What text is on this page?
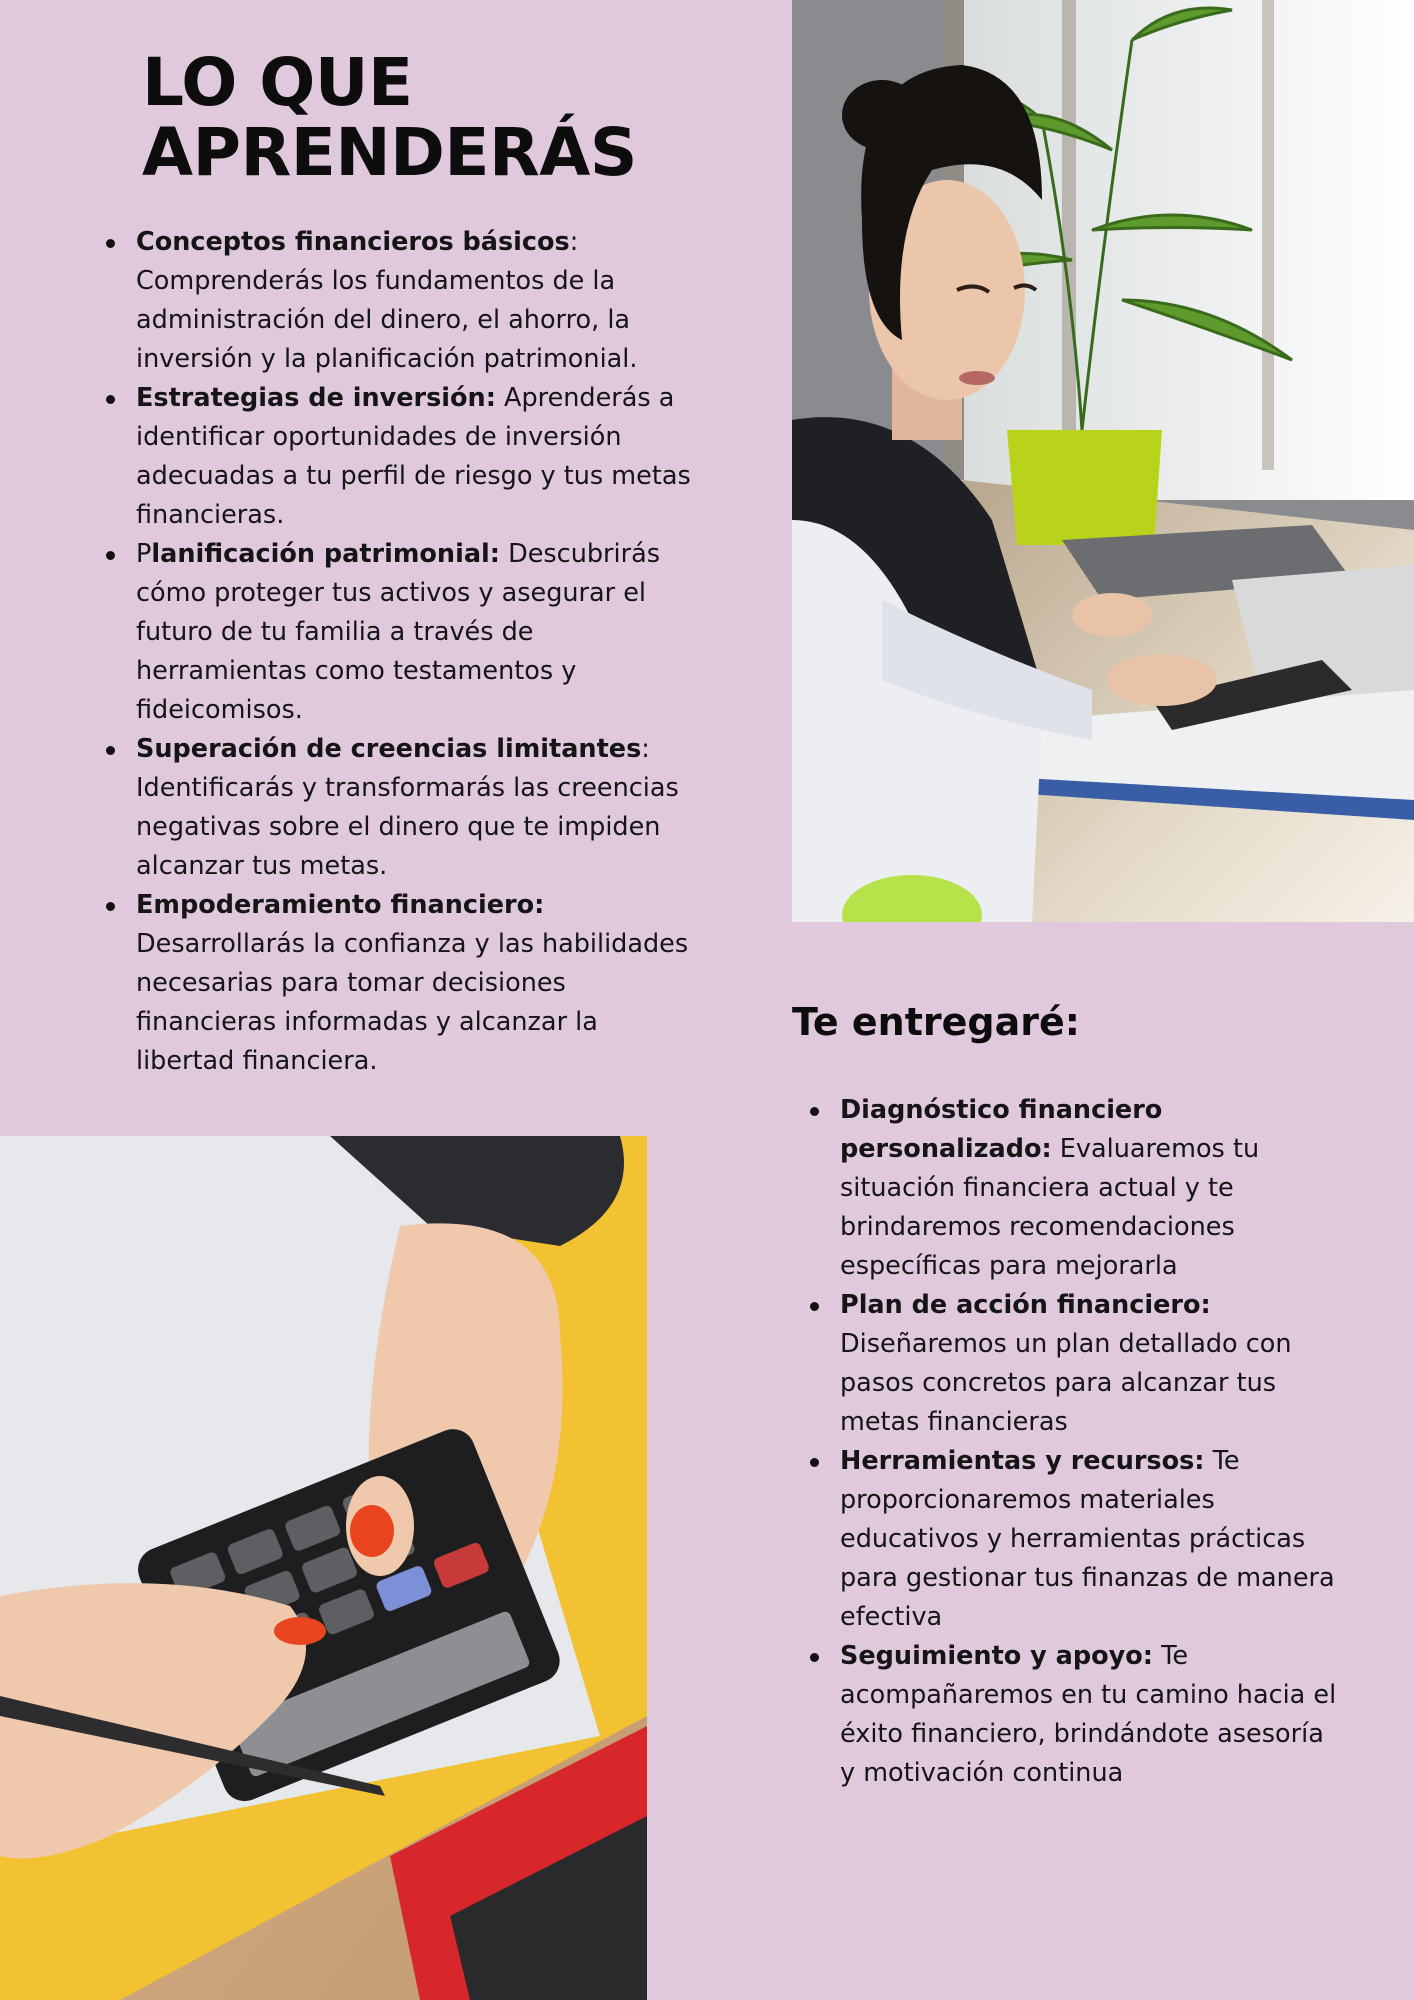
LO QUE
APRENDERÁS
Conceptos financieros básicos: Comprenderás los fundamentos de la administración del dinero, el ahorro, la inversión y la planificación patrimonial.
Estrategias de inversión: Aprenderás a identificar oportunidades de inversión adecuadas a tu perfil de riesgo y tus metas financieras.
Planificación patrimonial: Descubrirás cómo proteger tus activos y asegurar el futuro de tu familia a través de herramientas como testamentos y fideicomisos.
Superación de creencias limitantes: Identificarás y transformarás las creencias negativas sobre el dinero que te impiden alcanzar tus metas.
Empoderamiento financiero: Desarrollarás la confianza y las habilidades necesarias para tomar decisiones financieras informadas y alcanzar la libertad financiera.
Te entregaré:
Diagnóstico financiero personalizado: Evaluaremos tu situación financiera actual y te brindaremos recomendaciones específicas para mejorarla
Plan de acción financiero: Diseñaremos un plan detallado con pasos concretos para alcanzar tus metas financieras
Herramientas y recursos: Te proporcionaremos materiales educativos y herramientas prácticas para gestionar tus finanzas de manera efectiva
Seguimiento y apoyo: Te acompañaremos en tu camino hacia el éxito financiero, brindándote asesoría y motivación continua
